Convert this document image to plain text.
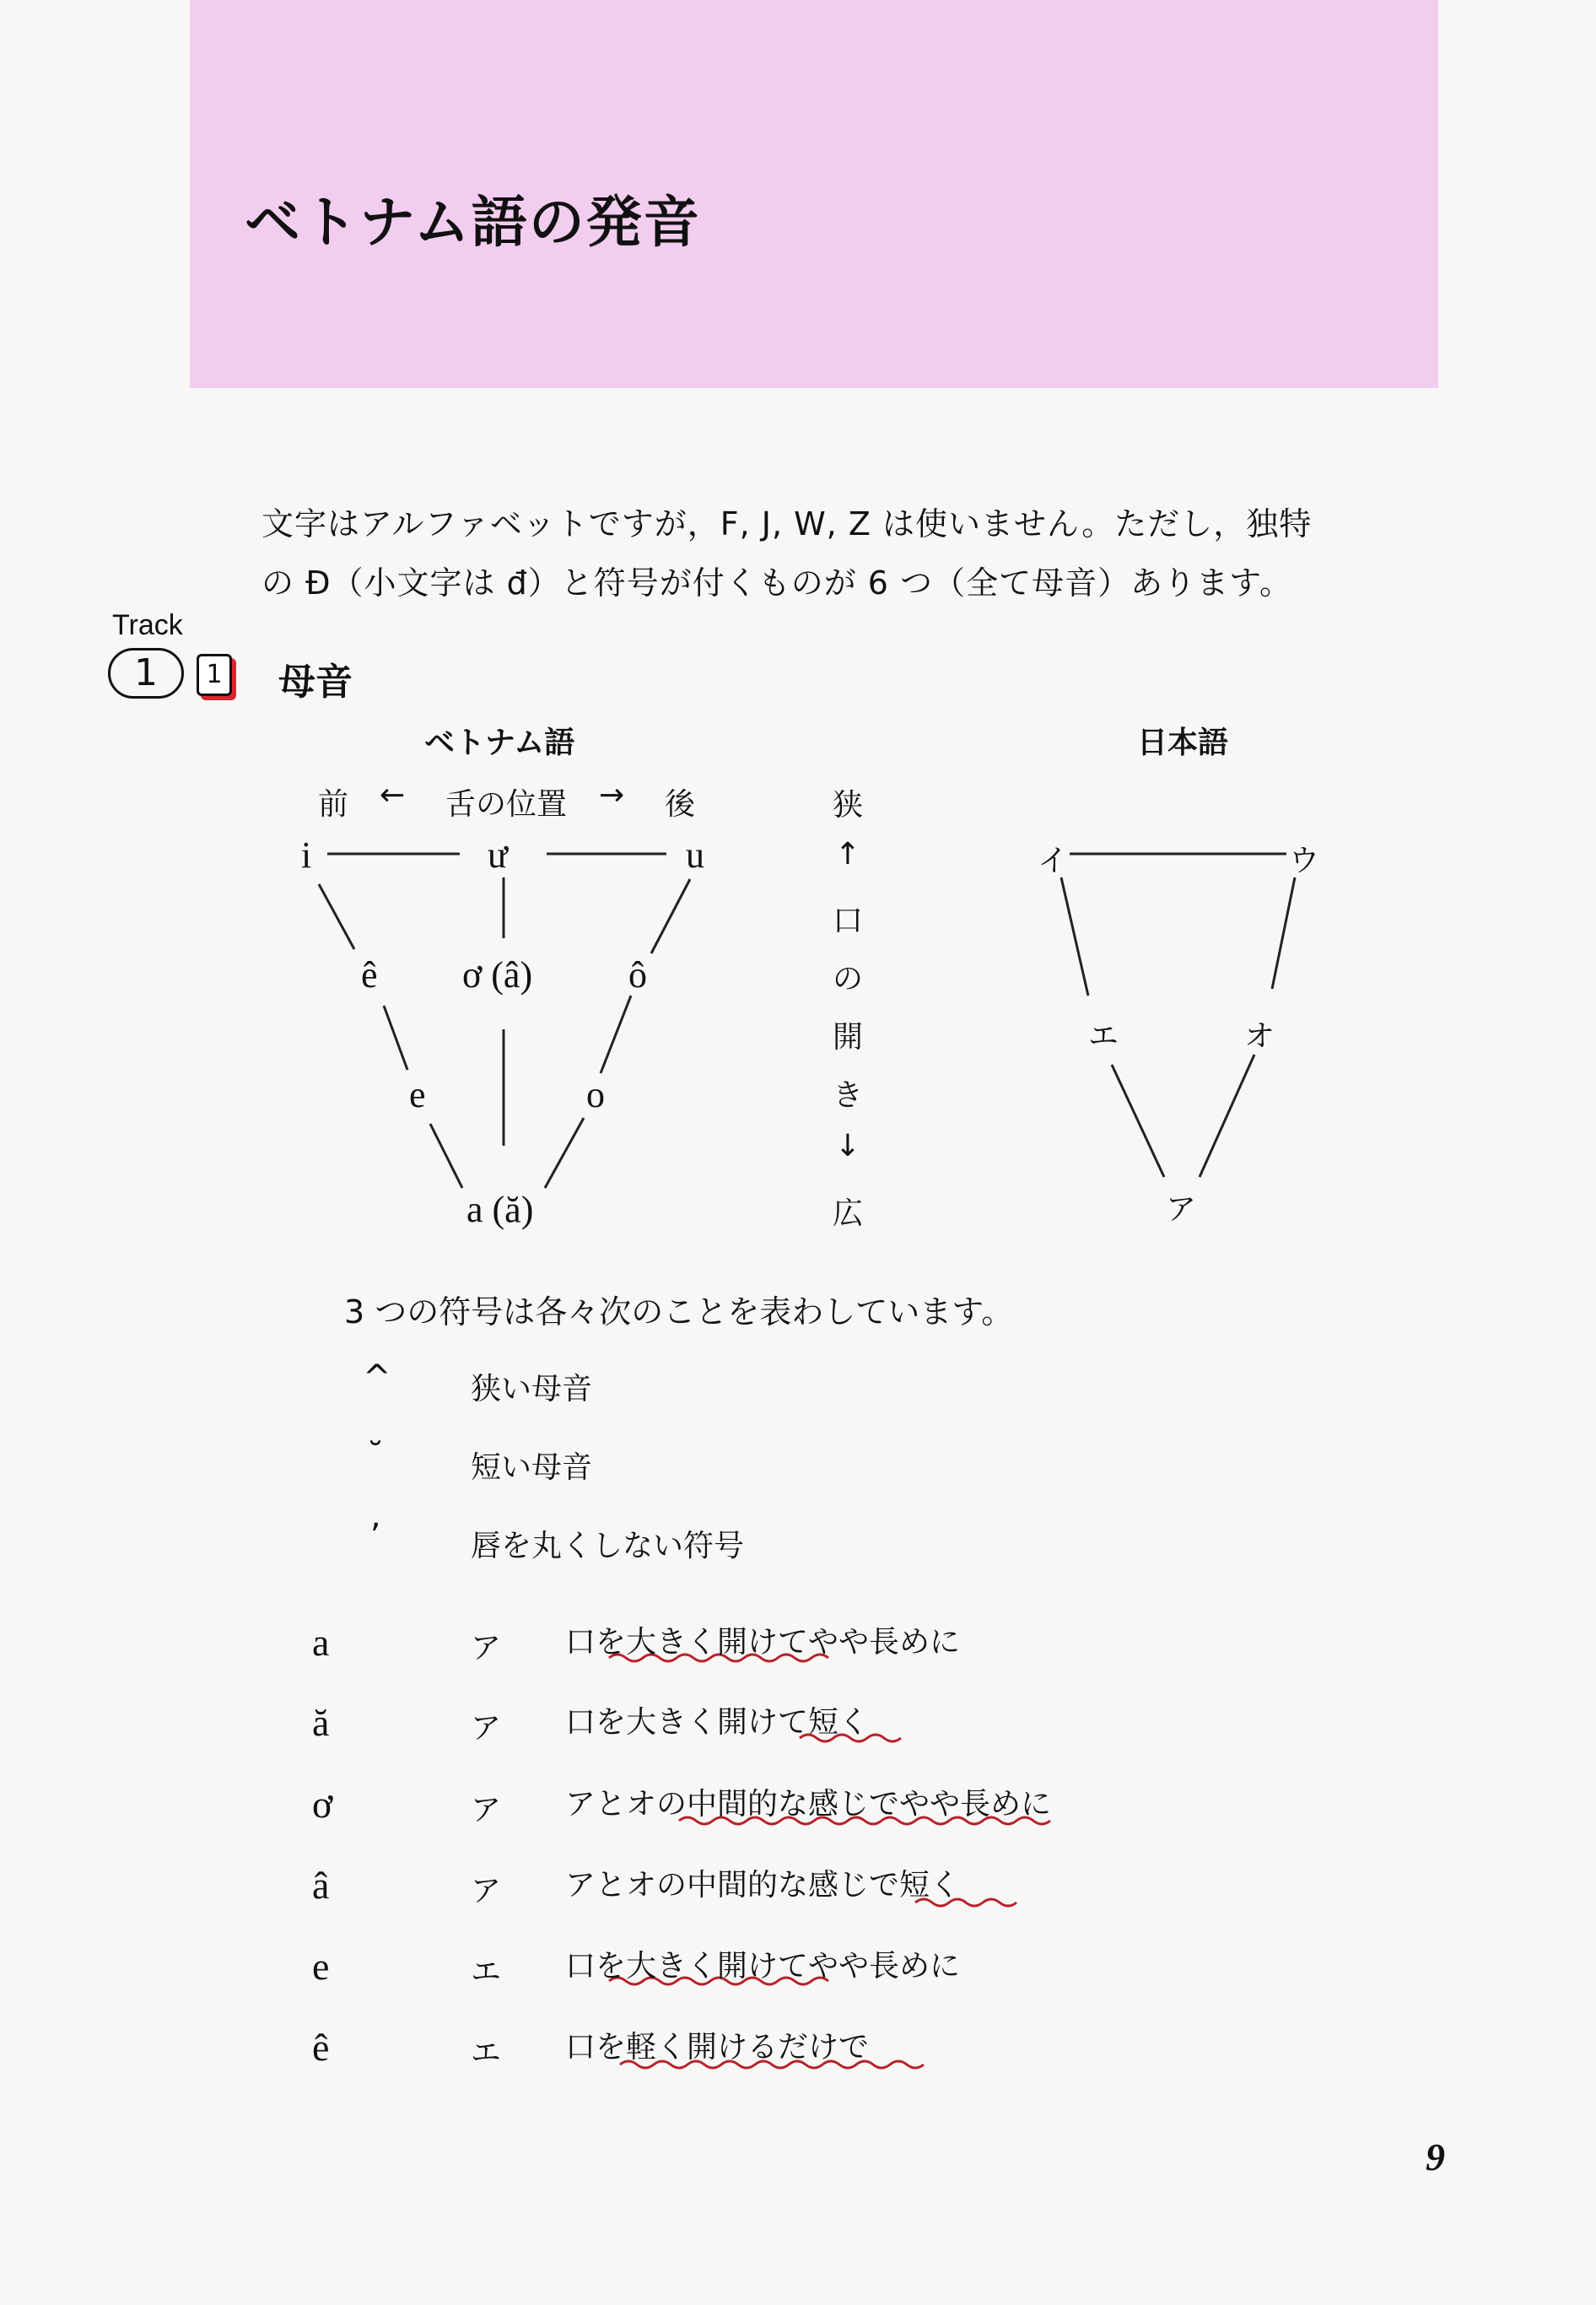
ベトナム語の発音
文字はアルファベットですが，F, J, W, Z は使いません。ただし，独特
の Đ（小文字は đ）と符号が付くものが 6 つ（全て母音）あります。
Track
1	1 母音
ベトナム語
前 ← 舌の位置 → 後
i	ư	u
ê ơ (â)	ô
e	o
a (ă)
狭
↑
口
の
開
き
↓
広
日本語
イ	ウ
エ	オ
ア
3 つの符号は各々次のことを表わしています。
^	狭い母音
˘	短い母音
’	唇を丸くしない符号
a	ア 口を大きく開けてやや長めに
ă	ア 口を大きく開けて短く
ơ	ア アとオの中間的な感じでやや長めに
â	ア アとオの中間的な感じで短く
e	エ 口を大きく開けてやや長めに
ê	エ 口を軽く開けるだけで
9
